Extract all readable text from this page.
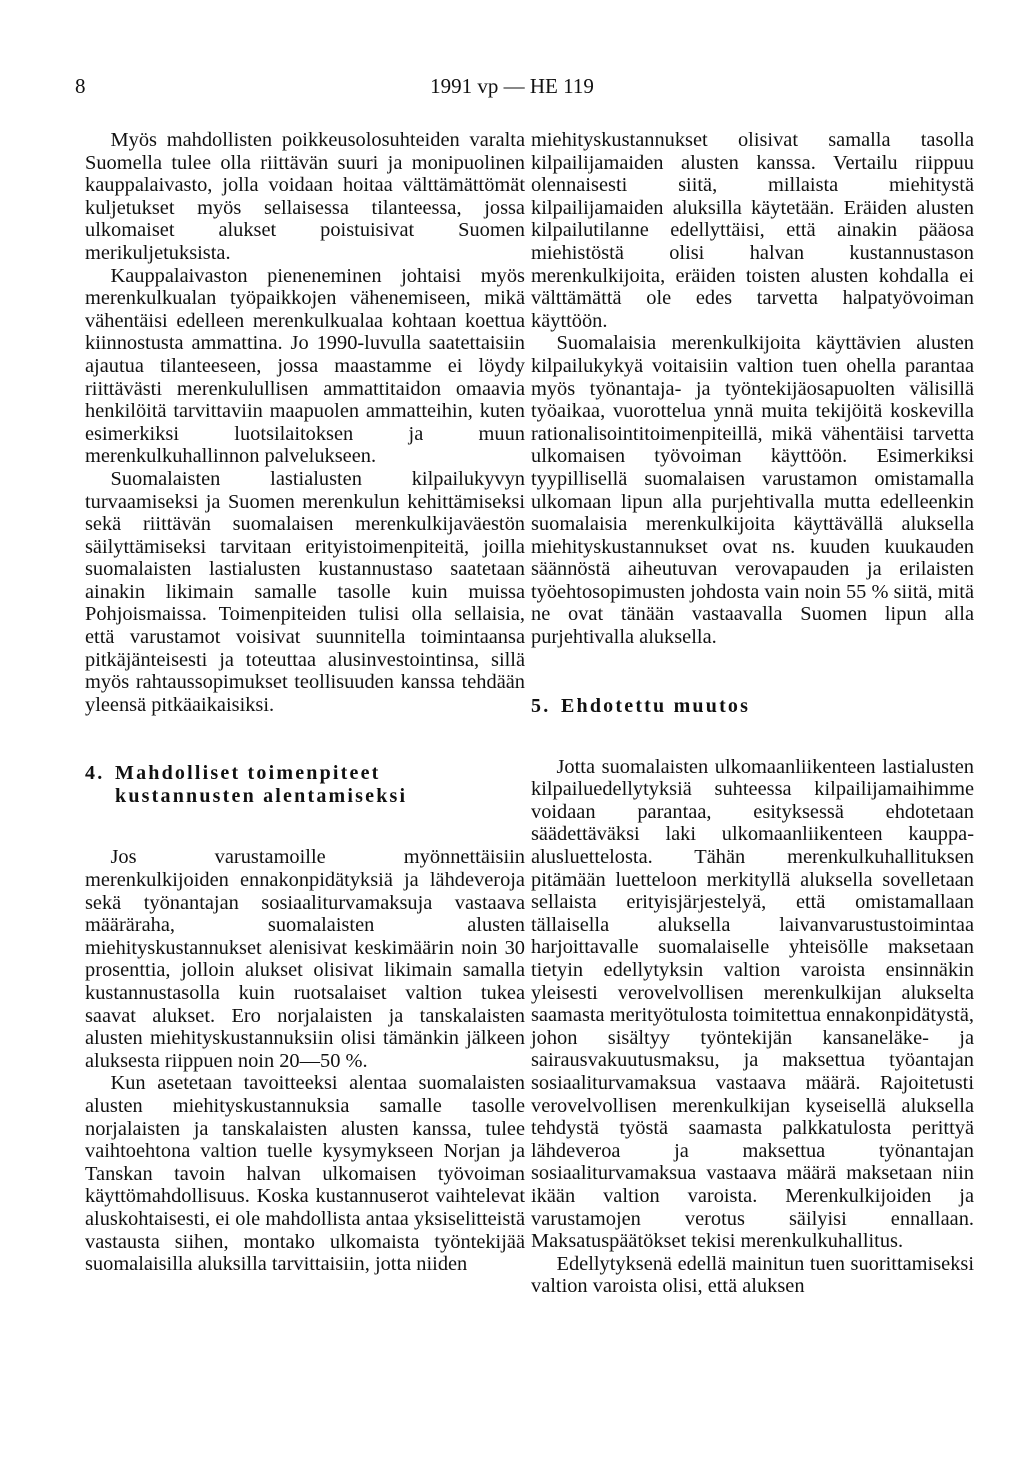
8	1991 vp — HE 119

Myös mahdollisten poikkeusolosuhteiden varalta Suomella tulee olla riittävän suuri ja monipuolinen kauppalaivasto, jolla voidaan hoitaa välttämättömät kuljetukset myös sellaisessa tilanteessa, jossa ulkomaiset alukset poistuisivat Suomen merikuljetuksista.

Kauppalaivaston pieneneminen johtaisi myös merenkulkualan työpaikkojen vähenemiseen, mikä vähentäisi edelleen merenkulkualaa kohtaan koettua kiinnostusta ammattina. Jo 1990-luvulla saatettaisiin ajautua tilanteeseen, jossa maastamme ei löydy riittävästi merenkulullisen ammattitaidon omaavia henkilöitä tarvittaviin maapuolen ammatteihin, kuten esimerkiksi luotsilaitoksen ja muun merenkulkuhallinnon palvelukseen.

Suomalaisten lastialusten kilpailukyvyn turvaamiseksi ja Suomen merenkulun kehittämiseksi sekä riittävän suomalaisen merenkulkijaväestön säilyttämiseksi tarvitaan erityistoimenpiteitä, joilla suomalaisten lastialusten kustannustaso saatetaan ainakin likimain samalle tasolle kuin muissa Pohjoismaissa. Toimenpiteiden tulisi olla sellaisia, että varustamot voisivat suunnitella toimintaansa pitkäjänteisesti ja toteuttaa alusinvestointinsa, sillä myös rahtaussopimukset teollisuuden kanssa tehdään yleensä pitkäaikaisiksi.

4. Mahdolliset toimenpiteet kustannusten alentamiseksi

Jos varustamoille myönnettäisiin merenkulkijoiden ennakonpidätyksiä ja lähdeveroja sekä työnantajan sosiaaliturvamaksuja vastaava määräraha, suomalaisten alusten miehityskustannukset alenisivat keskimäärin noin 30 prosenttia, jolloin alukset olisivat likimain samalla kustannustasolla kuin ruotsalaiset valtion tukea saavat alukset. Ero norjalaisten ja tanskalaisten alusten miehityskustannuksiin olisi tämänkin jälkeen aluksesta riippuen noin 20—50 %.

Kun asetetaan tavoitteeksi alentaa suomalaisten alusten miehityskustannuksia samalle tasolle norjalaisten ja tanskalaisten alusten kanssa, tulee vaihtoehtona valtion tuelle kysymykseen Norjan ja Tanskan tavoin halvan ulkomaisen työvoiman käyttömahdollisuus. Koska kustannuserot vaihtelevat aluskohtaisesti, ei ole mahdollista antaa yksiselitteistä vastausta siihen, montako ulkomaista työntekijää suomalaisilla aluksilla tarvittaisiin, jotta niiden

miehityskustannukset olisivat samalla tasolla kilpailijamaiden alusten kanssa. Vertailu riippuu olennaisesti siitä, millaista miehitystä kilpailijamaiden aluksilla käytetään. Eräiden alusten kilpailutilanne edellyttäisi, että ainakin pääosa miehistöstä olisi halvan kustannustason merenkulkijoita, eräiden toisten alusten kohdalla ei välttämättä ole edes tarvetta halpatyövoiman käyttöön.

Suomalaisia merenkulkijoita käyttävien alusten kilpailukykyä voitaisiin valtion tuen ohella parantaa myös työnantaja- ja työntekijäosapuolten välisillä työaikaa, vuorottelua ynnä muita tekijöitä koskevilla rationalisointitoimenpiteillä, mikä vähentäisi tarvetta ulkomaisen työvoiman käyttöön. Esimerkiksi tyypillisellä suomalaisen varustamon omistamalla ulkomaan lipun alla purjehtivalla mutta edelleenkin suomalaisia merenkulkijoita käyttävällä aluksella miehityskustannukset ovat ns. kuuden kuukauden säännöstä aiheutuvan verovapauden ja erilaisten työehtosopimusten johdosta vain noin 55 % siitä, mitä ne ovat tänään vastaavalla Suomen lipun alla purjehtivalla aluksella.

5. Ehdotettu muutos

Jotta suomalaisten ulkomaanliikenteen lastialusten kilpailuedellytyksiä suhteessa kilpailijamaihimme voidaan parantaa, esityksessä ehdotetaan säädettäväksi laki ulkomaanliikenteen kauppa-alusluettelosta. Tähän merenkulkuhallituksen pitämään luetteloon merkityllä aluksella sovelletaan sellaista erityisjärjestelyä, että omistamallaan tällaisella aluksella laivanvarustustoimintaa harjoittavalle suomalaiselle yhteisölle maksetaan tietyin edellytyksin valtion varoista ensinnäkin yleisesti verovelvollisen merenkulkijan alukselta saamasta merityötulosta toimitettua ennakonpidätystä, johon sisältyy työntekijän kansaneläke- ja sairausvakuutusmaksu, ja maksettua työantajan sosiaaliturvamaksua vastaava määrä. Rajoitetusti verovelvollisen merenkulkijan kyseisellä aluksella tehdystä työstä saamasta palkkatulosta perittyä lähdeveroa ja maksettua työnantajan sosiaaliturvamaksua vastaava määrä maksetaan niin ikään valtion varoista. Merenkulkijoiden ja varustamojen verotus säilyisi ennallaan. Maksatuspäätökset tekisi merenkulkuhallitus.

Edellytyksenä edellä mainitun tuen suorittamiseksi valtion varoista olisi, että aluksen
